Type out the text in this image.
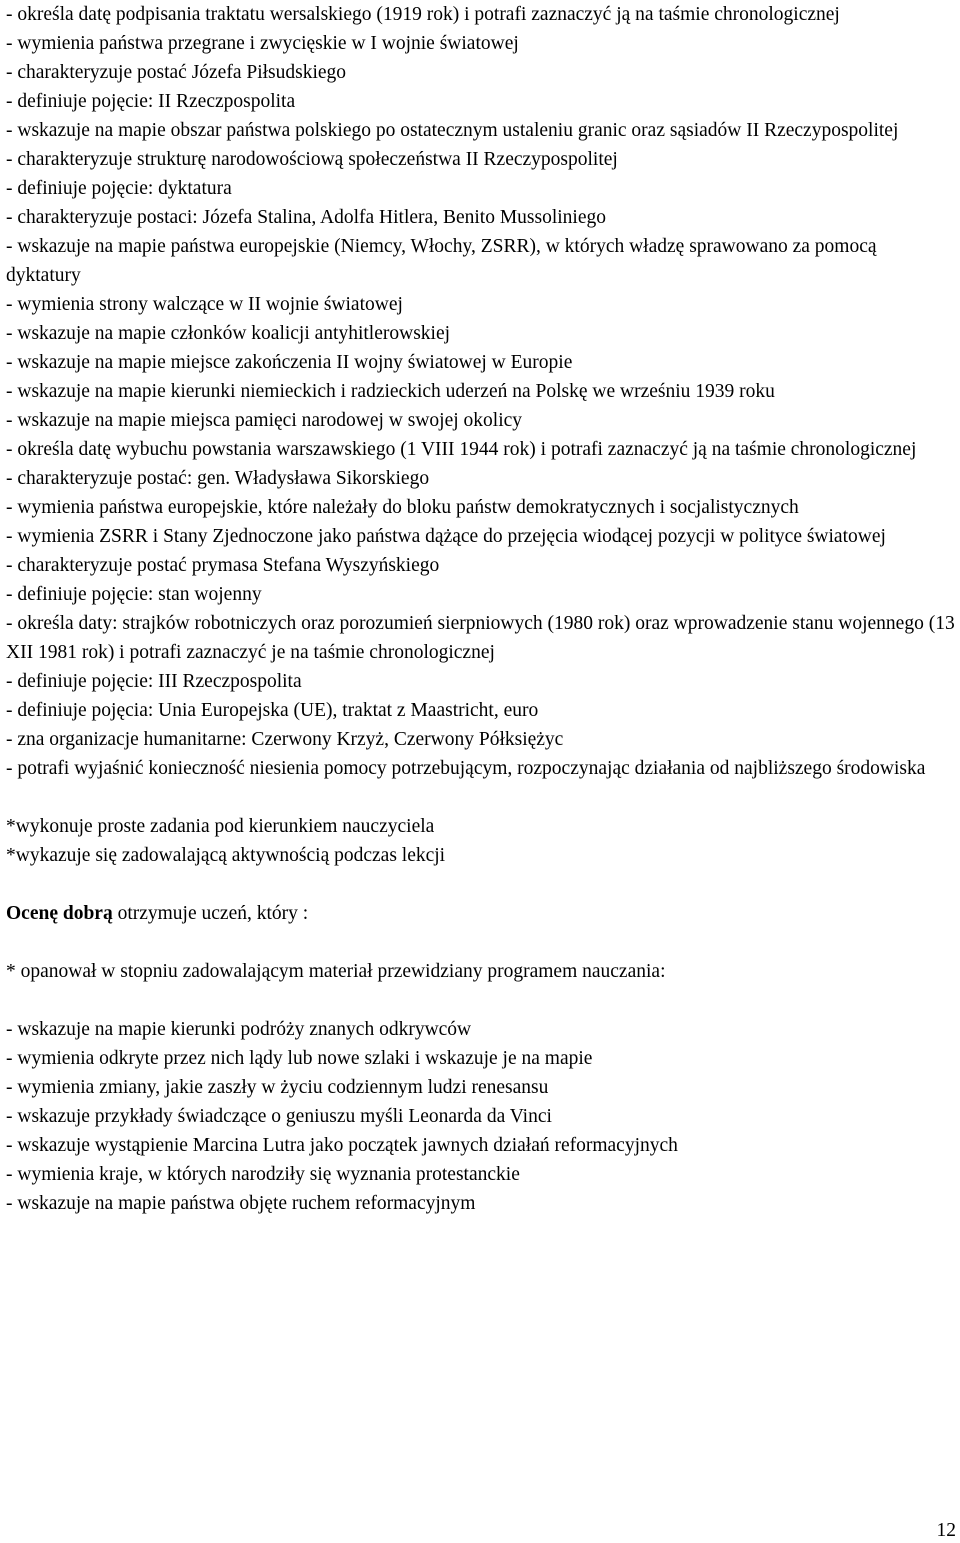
- określa datę podpisania traktatu wersalskiego (1919 rok) i potrafi zaznaczyć ją na taśmie chronologicznej

- wymienia państwa przegrane i zwycięskie w I wojnie światowej

- charakteryzuje postać Józefa Piłsudskiego

- definiuje pojęcie: II Rzeczpospolita

- wskazuje na mapie obszar państwa polskiego po ostatecznym ustaleniu granic oraz sąsiadów II Rzeczypospolitej

- charakteryzuje strukturę narodowościową społeczeństwa II Rzeczypospolitej

- definiuje pojęcie: dyktatura

- charakteryzuje postaci: Józefa Stalina, Adolfa Hitlera, Benito Mussoliniego

- wskazuje na mapie państwa europejskie (Niemcy, Włochy, ZSRR), w których władzę sprawowano za pomocą dyktatury

- wymienia strony walczące w II wojnie światowej

- wskazuje na mapie członków koalicji antyhitlerowskiej

- wskazuje na mapie miejsce zakończenia II wojny światowej w Europie

- wskazuje na mapie kierunki niemieckich i radzieckich uderzeń na Polskę we wrześniu 1939 roku

- wskazuje na mapie miejsca pamięci narodowej w swojej okolicy

- określa datę wybuchu powstania warszawskiego (1 VIII 1944 rok) i potrafi zaznaczyć ją na taśmie chronologicznej

- charakteryzuje postać: gen. Władysława Sikorskiego

- wymienia państwa europejskie, które należały do bloku państw demokratycznych i socjalistycznych

- wymienia ZSRR i Stany Zjednoczone jako państwa dążące do przejęcia wiodącej pozycji w polityce światowej

- charakteryzuje postać prymasa Stefana Wyszyńskiego

- definiuje pojęcie: stan wojenny

- określa daty: strajków robotniczych oraz porozumień sierpniowych (1980 rok) oraz wprowadzenie stanu wojennego (13 XII 1981 rok) i potrafi zaznaczyć je na taśmie chronologicznej

- definiuje pojęcie: III Rzeczpospolita

- definiuje pojęcia: Unia Europejska (UE), traktat z Maastricht, euro

- zna organizacje humanitarne: Czerwony Krzyż, Czerwony Półksiężyc

- potrafi wyjaśnić konieczność niesienia pomocy potrzebującym, rozpoczynając działania od najbliższego środowiska

*wykonuje proste zadania pod kierunkiem nauczyciela

*wykazuje się zadowalającą aktywnością podczas lekcji

Ocenę dobrą otrzymuje uczeń, który :

* opanował w stopniu zadowalającym materiał przewidziany programem nauczania:

- wskazuje na mapie kierunki podróży znanych odkrywców

- wymienia odkryte przez nich lądy lub nowe szlaki i wskazuje je na mapie

- wymienia zmiany, jakie zaszły w życiu codziennym ludzi renesansu

- wskazuje przykłady świadczące o geniuszu myśli Leonarda da Vinci

- wskazuje wystąpienie Marcina Lutra jako początek jawnych działań reformacyjnych

- wymienia kraje, w których narodziły się wyznania protestanckie

- wskazuje na mapie państwa objęte ruchem reformacyjnym

12
